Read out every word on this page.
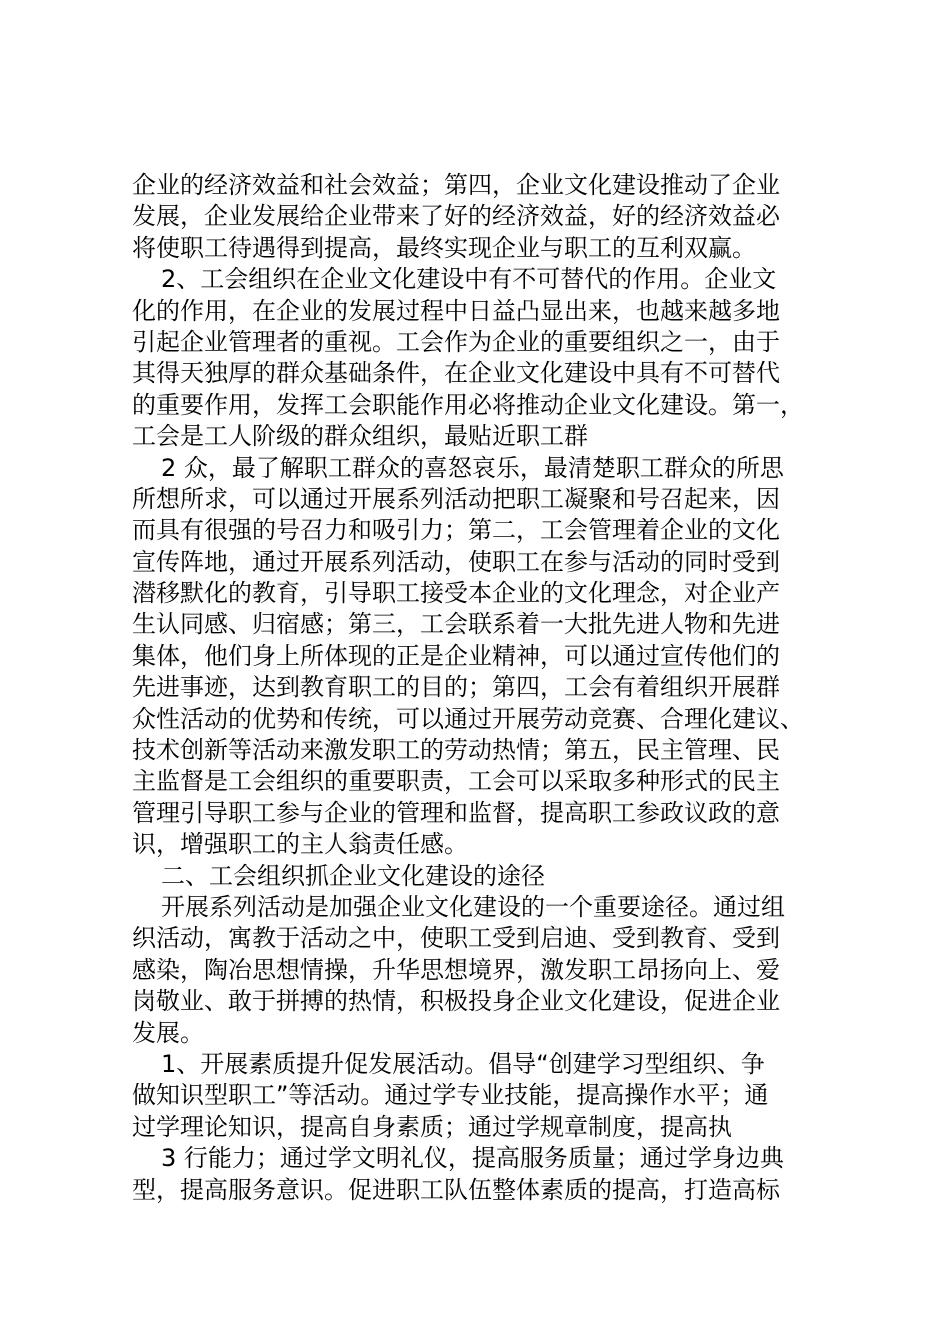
企业的经济效益和社会效益；第四，企业文化建设推动了企业
发展，企业发展给企业带来了好的经济效益，好的经济效益必
将使职工待遇得到提高，最终实现企业与职工的互利双赢。
2、工会组织在企业文化建设中有不可替代的作用。企业文
化的作用，在企业的发展过程中日益凸显出来，也越来越多地
引起企业管理者的重视。工会作为企业的重要组织之一，由于
其得天独厚的群众基础条件，在企业文化建设中具有不可替代
的重要作用，发挥工会职能作用必将推动企业文化建设。第一，
工会是工人阶级的群众组织，最贴近职工群
2 众，最了解职工群众的喜怒哀乐，最清楚职工群众的所思
所想所求，可以通过开展系列活动把职工凝聚和号召起来，因
而具有很强的号召力和吸引力；第二，工会管理着企业的文化
宣传阵地，通过开展系列活动，使职工在参与活动的同时受到
潜移默化的教育，引导职工接受本企业的文化理念，对企业产
生认同感、归宿感；第三，工会联系着一大批先进人物和先进
集体，他们身上所体现的正是企业精神，可以通过宣传他们的
先进事迹，达到教育职工的目的；第四，工会有着组织开展群
众性活动的优势和传统，可以通过开展劳动竞赛、合理化建议、
技术创新等活动来激发职工的劳动热情；第五，民主管理、民
主监督是工会组织的重要职责，工会可以采取多种形式的民主
管理引导职工参与企业的管理和监督，提高职工参政议政的意
识，增强职工的主人翁责任感。
二、工会组织抓企业文化建设的途径
开展系列活动是加强企业文化建设的一个重要途径。通过组
织活动，寓教于活动之中，使职工受到启迪、受到教育、受到
感染，陶冶思想情操，升华思想境界，激发职工昂扬向上、爱
岗敬业、敢于拼搏的热情，积极投身企业文化建设，促进企业
发展。
1、开展素质提升促发展活动。倡导“创建学习型组织、争
做知识型职工”等活动。通过学专业技能，提高操作水平；通
过学理论知识，提高自身素质；通过学规章制度，提高执
3 行能力；通过学文明礼仪，提高服务质量；通过学身边典
型，提高服务意识。促进职工队伍整体素质的提高，打造高标
